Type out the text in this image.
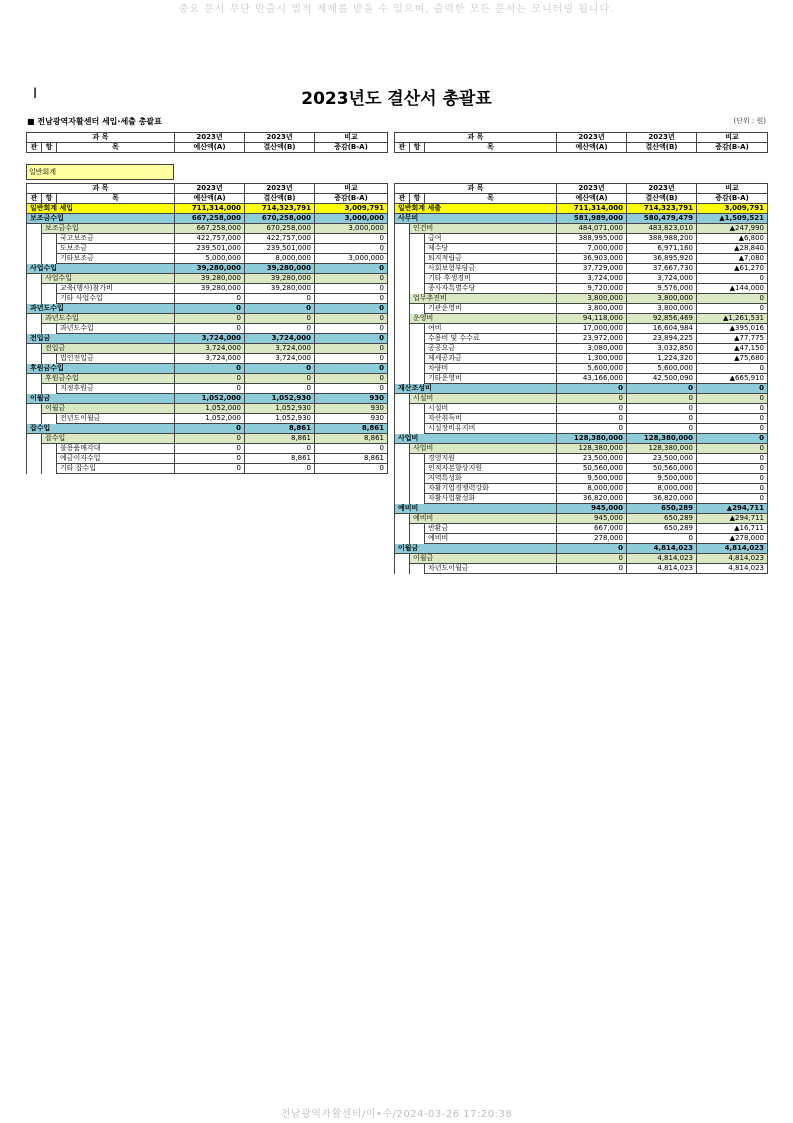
중요 문서 무단 반출시 법적 제재를 받을 수 있으며, 출력한 모든 문서는 모니터링 됩니다.
I	2023년도 결산서 총괄표
■ 전남광역자활센터 세입·세출 총괄표	(단위 : 원)
과 목			2023년	2023년	비교
관	항	목	예산액(A)	결산액(B)	증감(B-A)
과 목			2023년	2023년	비교
관	항	목	예산액(A)	결산액(B)	증감(B-A)
일반회계
과 목			2023년	2023년	비교
관	항	목	예산액(A)	결산액(B)	증감(B-A)
일반회계 세입			711,314,000	714,323,791	3,009,791
보조금수입			667,258,000	670,258,000	3,000,000
	보조금수입		667,258,000	670,258,000	3,000,000
		국고보조금	422,757,000	422,757,000	0
		도보조금	239,501,000	239,501,000	0
		기타보조금	5,000,000	8,000,000	3,000,000
사업수입			39,280,000	39,280,000	0
	사업수입		39,280,000	39,280,000	0
		교육(행사)참가비	39,280,000	39,280,000	0
		기타 사업수입	0	0	0
과년도수입			0	0	0
	과년도수입		0	0	0
		과년도수입	0	0	0
전입금			3,724,000	3,724,000	0
	전입금		3,724,000	3,724,000	0
		법인전입금	3,724,000	3,724,000	0
후원금수입			0	0	0
	후원금수입		0	0	0
		지정후원금	0	0	0
이월금			1,052,000	1,052,930	930
	이월금		1,052,000	1,052,930	930
		전년도이월금	1,052,000	1,052,930	930
잡수입			0	8,861	8,861
	잡수입		0	8,861	8,861
		불용품매각대	0	0	0
		예금이자수입	0	8,861	8,861
		기타 잡수입	0	0	0
과 목			2023년	2023년	비교
관	항	목	예산액(A)	결산액(B)	증감(B-A)
일반회계 세출			711,314,000	714,323,791	3,009,791
사무비			581,989,000	580,479,479	▲1,509,521
	인건비		484,071,000	483,823,010	▲247,990
		급여	388,995,000	388,988,200	▲6,800
		제수당	7,000,000	6,971,160	▲28,840
		퇴직적립금	36,903,000	36,895,920	▲7,080
		사회보험부담금	37,729,000	37,667,730	▲61,270
		기타 후생경비	3,724,000	3,724,000	0
		종사자특별수당	9,720,000	9,576,000	▲144,000
	업무추진비		3,800,000	3,800,000	0
		기관운영비	3,800,000	3,800,000	0
	운영비		94,118,000	92,856,469	▲1,261,531
		여비	17,000,000	16,604,984	▲395,016
		수용비 및 수수료	23,972,000	23,894,225	▲77,775
		공공요금	3,080,000	3,032,850	▲47,150
		제세공과금	1,300,000	1,224,320	▲75,680
		차량비	5,600,000	5,600,000	0
		기타운영비	43,166,000	42,500,090	▲665,910
재산조성비			0	0	0
	시설비		0	0	0
		시설비	0	0	0
		자산취득비	0	0	0
		시설장비유지비	0	0	0
사업비			128,380,000	128,380,000	0
	사업비		128,380,000	128,380,000	0
		경영지원	23,500,000	23,500,000	0
		인적자본향상지원	50,560,000	50,560,000	0
		지역특성화	9,500,000	9,500,000	0
		자활기업경쟁력강화	8,000,000	8,000,000	0
		자활사업활성화	36,820,000	36,820,000	0
예비비			945,000	650,289	▲294,711
	예비비		945,000	650,289	▲294,711
		반환금	667,000	650,289	▲16,711
		예비비	278,000	0	▲278,000
이월금			0	4,814,023	4,814,023
	이월금		0	4,814,023	4,814,023
		차년도이월금	0	4,814,023	4,814,023
전남광역자활센터/이•수/2024-03-26 17:20:38
